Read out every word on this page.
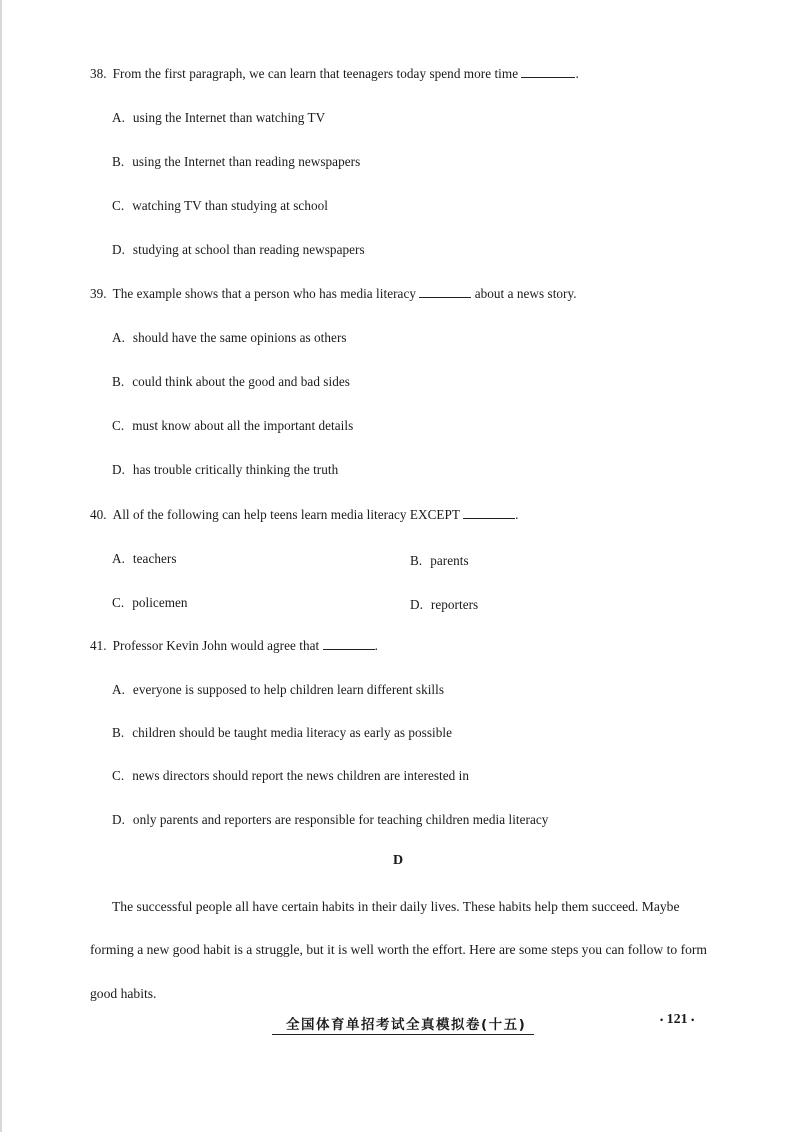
38. From the first paragraph, we can learn that teenagers today spend more time	.
A. using the Internet than watching TV
B. using the Internet than reading newspapers
C. watching TV than studying at school
D. studying at school than reading newspapers
39. The example shows that a person who has media literacy	about a news story.
A. should have the same opinions as others
B. could think about the good and bad sides
C. must know about all the important details
D. has trouble critically thinking the truth
40. All of the following can help teens learn media literacy EXCEPT	.
A. teachers	B. parents
C. policemen	D. reporters
41. Professor Kevin John would agree that	.
A. everyone is supposed to help children learn different skills
B. children should be taught media literacy as early as possible
C. news directors should report the news children are interested in
D. only parents and reporters are responsible for teaching children media literacy
D
The successful people all have certain habits in their daily lives. These habits help them succeed. Maybe
forming a new good habit is a struggle, but it is well worth the effort. Here are some steps you can follow to form
good habits.
全国体育单招考试全真模拟卷(十五)	• 121 •
